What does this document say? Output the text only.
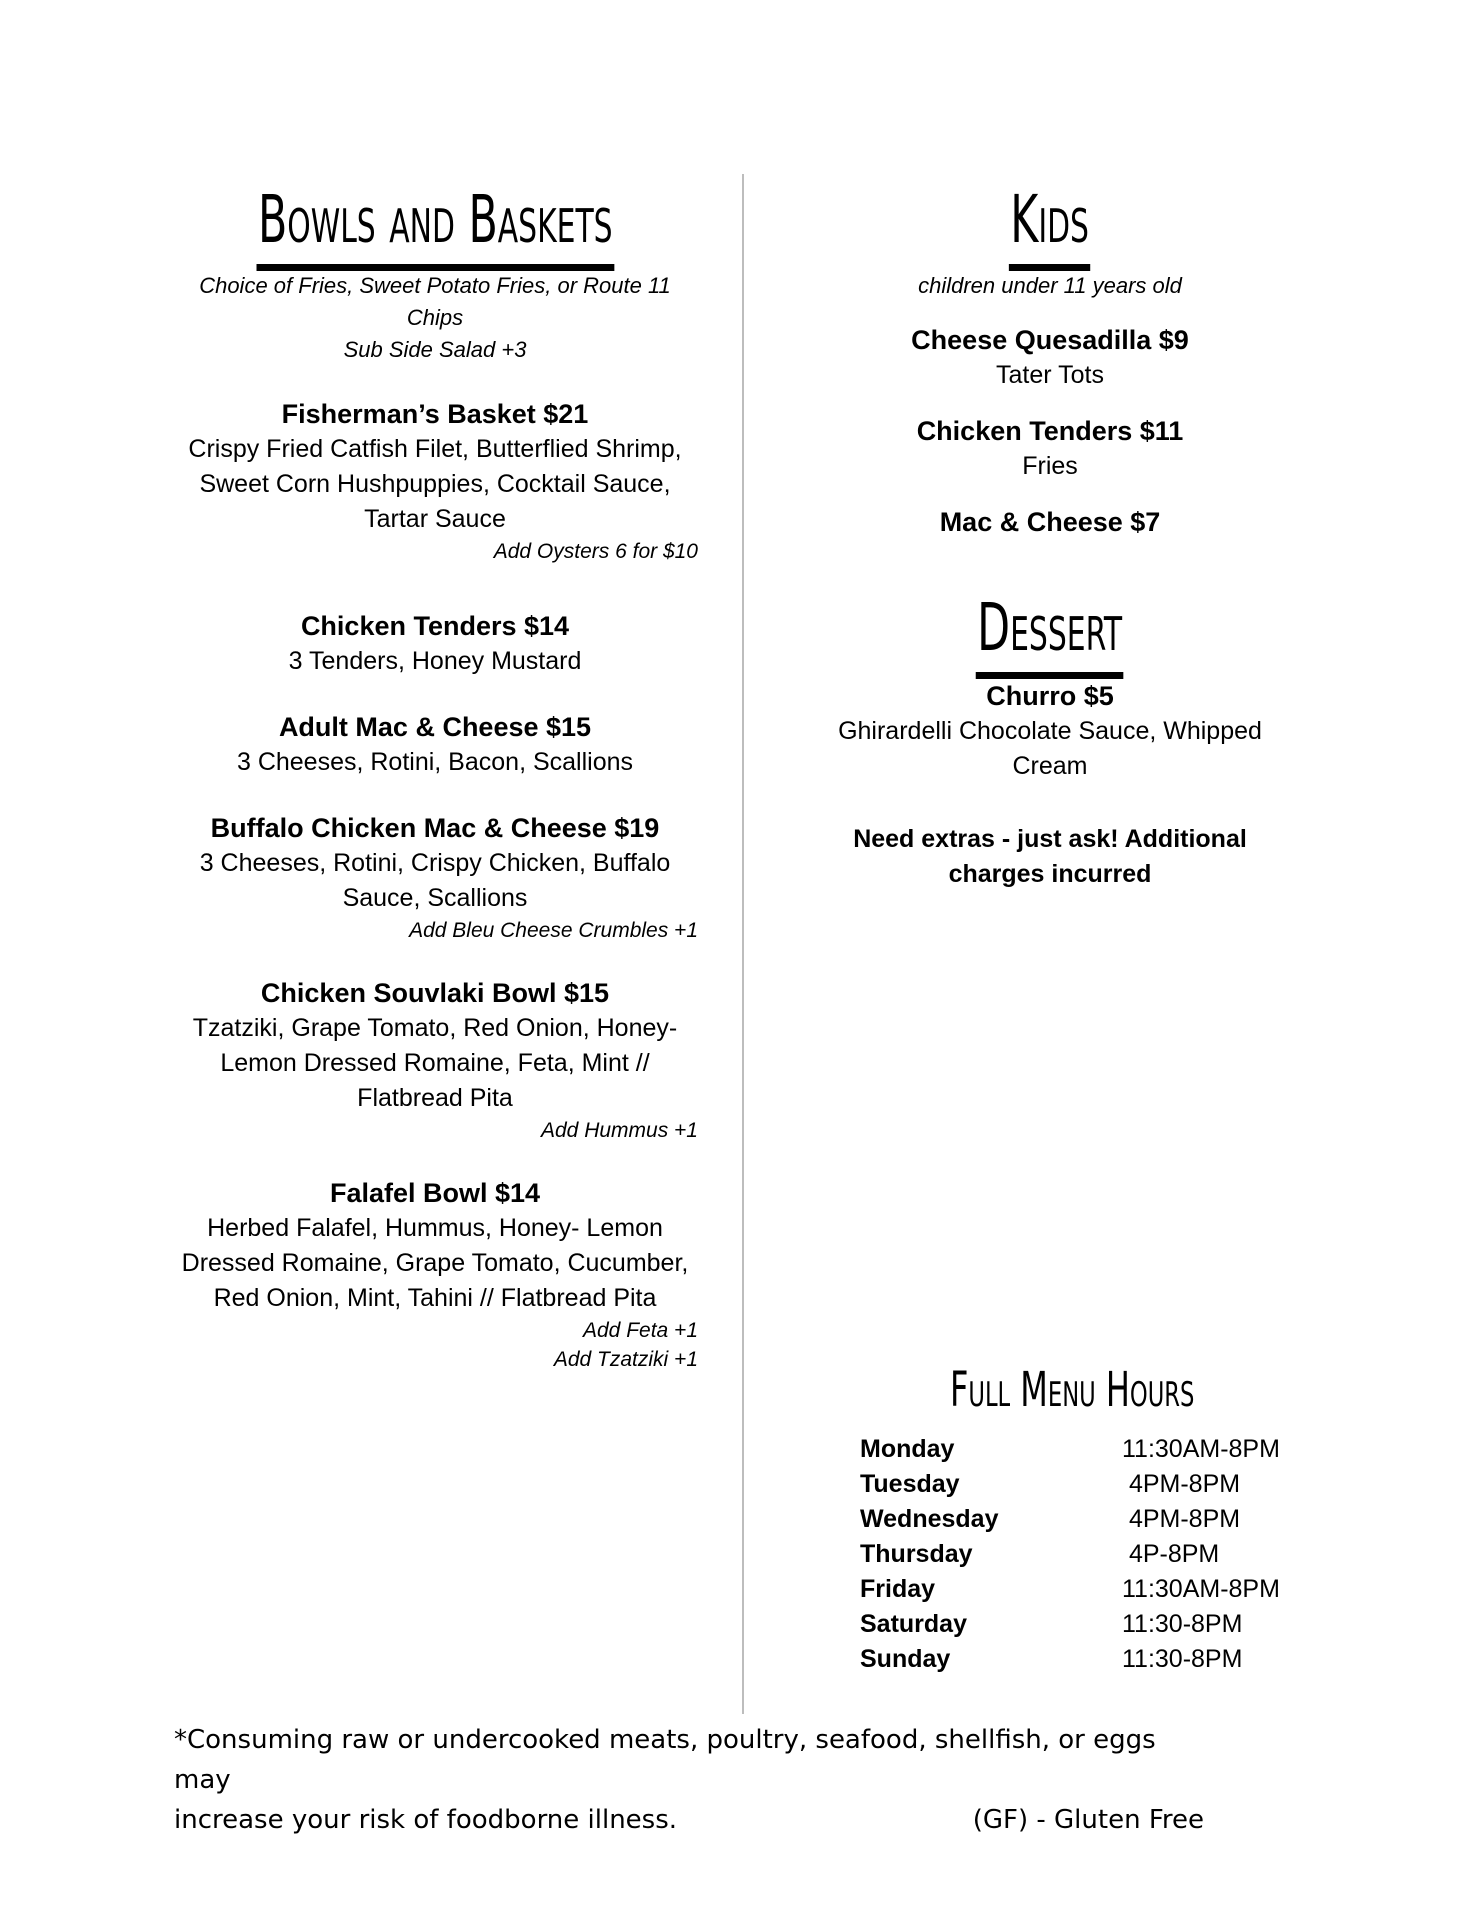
Bowls and Baskets
Choice of Fries, Sweet Potato Fries, or Route 11 Chips
Sub Side Salad +3
Fisherman’s Basket $21
Crispy Fried Catfish Filet, Butterflied Shrimp, Sweet Corn Hushpuppies, Cocktail Sauce, Tartar Sauce
Add Oysters 6 for $10
Chicken Tenders $14
3 Tenders, Honey Mustard
Adult Mac & Cheese $15
3 Cheeses, Rotini, Bacon, Scallions
Buffalo Chicken Mac & Cheese $19
3 Cheeses, Rotini, Crispy Chicken, Buffalo Sauce, Scallions
Add Bleu Cheese Crumbles +1
Chicken Souvlaki Bowl $15
Tzatziki, Grape Tomato, Red Onion, Honey-Lemon Dressed Romaine, Feta, Mint // Flatbread Pita
Add Hummus +1
Falafel Bowl $14
Herbed Falafel, Hummus, Honey- Lemon Dressed Romaine, Grape Tomato, Cucumber, Red Onion, Mint, Tahini // Flatbread Pita
Add Feta +1
Add Tzatziki +1
Kids
children under 11 years old
Cheese Quesadilla $9
Tater Tots
Chicken Tenders $11
Fries
Mac & Cheese $7
Dessert
Churro $5
Ghirardelli Chocolate Sauce, Whipped Cream
Need extras - just ask! Additional charges incurred
Full Menu Hours
Monday	11:30AM-8PM
Tuesday	4PM-8PM
Wednesday	4PM-8PM
Thursday	4P-8PM
Friday	11:30AM-8PM
Saturday	11:30-8PM
Sunday	11:30-8PM
*Consuming raw or undercooked meats, poultry, seafood, shellfish, or eggs may
increase your risk of foodborne illness.	(GF) - Gluten Free
